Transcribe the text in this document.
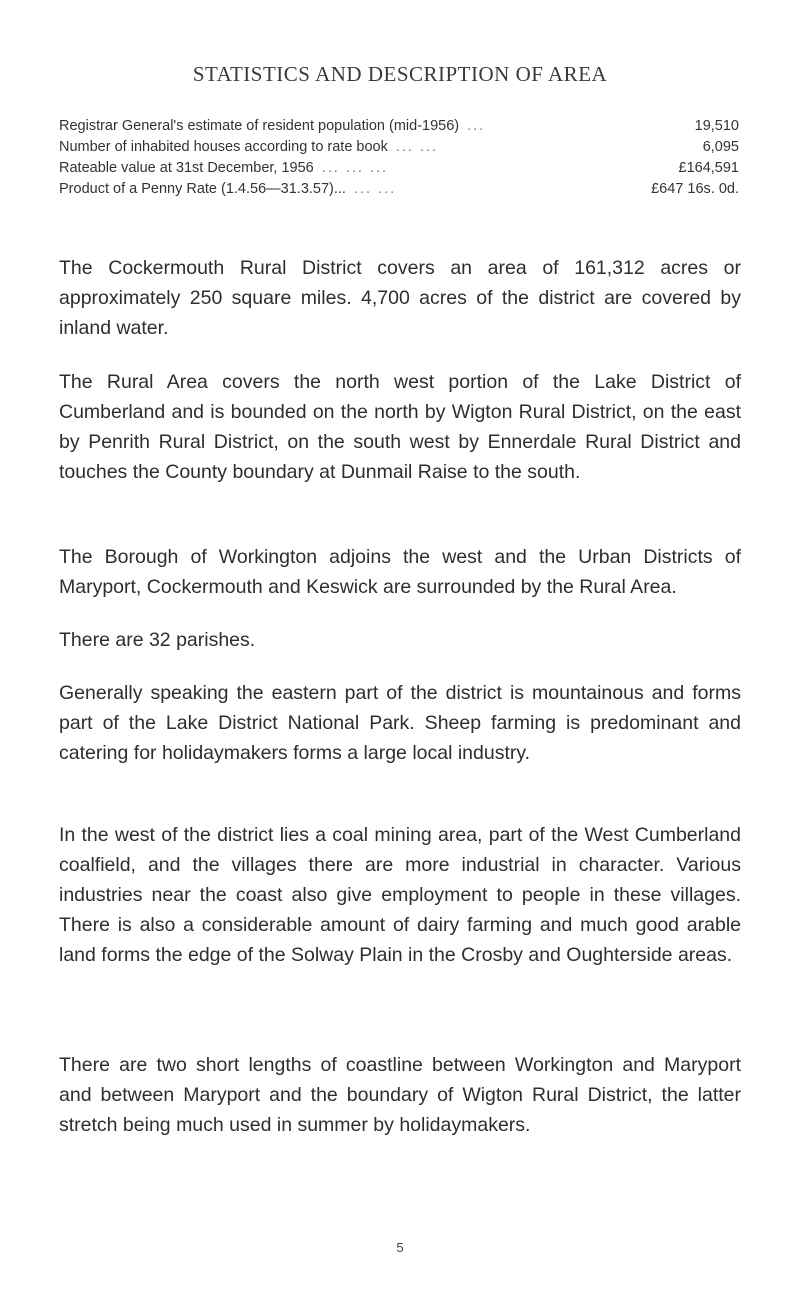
STATISTICS AND DESCRIPTION OF AREA
Registrar General's estimate of resident population (mid-1956) ...	19,510
Number of inhabited houses according to rate book ... ...	6,095
Rateable value at 31st December, 1956 ... ... ...	£164,591
Product of a Penny Rate (1.4.56—31.3.57)... ... ...	£647 16s. 0d.

The Cockermouth Rural District covers an area of 161,312 acres or approximately 250 square miles. 4,700 acres of the district are covered by inland water.

The Rural Area covers the north west portion of the Lake District of Cumberland and is bounded on the north by Wigton Rural District, on the east by Penrith Rural District, on the south west by Ennerdale Rural District and touches the County boundary at Dunmail Raise to the south.

The Borough of Workington adjoins the west and the Urban Districts of Maryport, Cockermouth and Keswick are surrounded by the Rural Area.

There are 32 parishes.

Generally speaking the eastern part of the district is mountainous and forms part of the Lake District National Park. Sheep farming is predominant and catering for holidaymakers forms a large local industry.

In the west of the district lies a coal mining area, part of the West Cumberland coalfield, and the villages there are more industrial in character. Various industries near the coast also give employment to people in these villages. There is also a considerable amount of dairy farming and much good arable land forms the edge of the Solway Plain in the Crosby and Oughterside areas.

There are two short lengths of coastline between Workington and Maryport and between Maryport and the boundary of Wigton Rural District, the latter stretch being much used in summer by holidaymakers.

5
